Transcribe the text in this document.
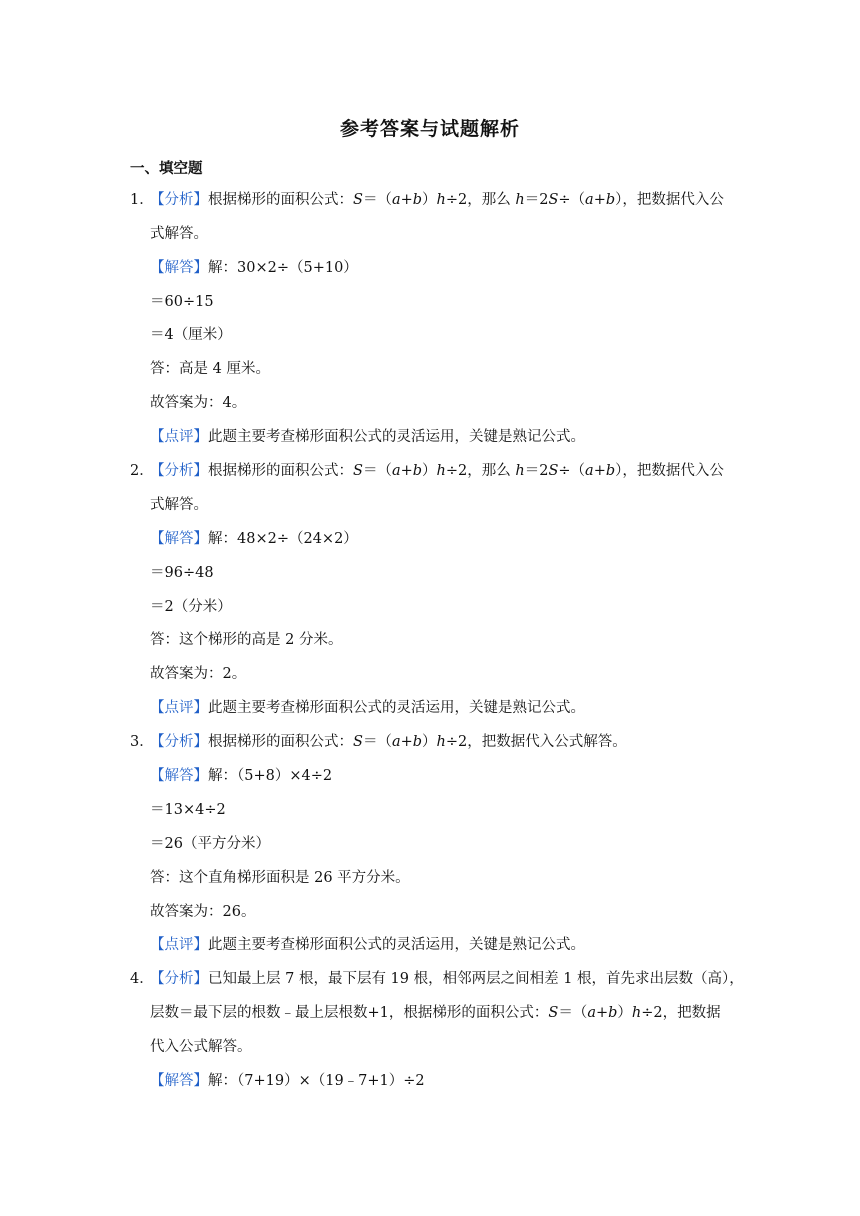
参考答案与试题解析
一、填空题
1．
【分析】根据梯形的面积公式：S＝（a+b）h÷2，那么 h＝2S÷（a+b），把数据代入公
式解答。
【解答】解：30×2÷（5+10）
＝60÷15
＝4（厘米）
答：高是 4 厘米。
故答案为：4。
【点评】此题主要考查梯形面积公式的灵活运用，关键是熟记公式。
2．
【分析】根据梯形的面积公式：S＝（a+b）h÷2，那么 h＝2S÷（a+b），把数据代入公
式解答。
【解答】解：48×2÷（24×2）
＝96÷48
＝2（分米）
答：这个梯形的高是 2 分米。
故答案为：2。
【点评】此题主要考查梯形面积公式的灵活运用，关键是熟记公式。
3．
【分析】根据梯形的面积公式：S＝（a+b）h÷2，把数据代入公式解答。
【解答】解：（5+8）×4÷2
＝13×4÷2
＝26（平方分米）
答：这个直角梯形面积是 26 平方分米。
故答案为：26。
【点评】此题主要考查梯形面积公式的灵活运用，关键是熟记公式。
4．
【分析】已知最上层 7 根，最下层有 19 根，相邻两层之间相差 1 根，首先求出层数（高），
层数＝最下层的根数﹣最上层根数+1，根据梯形的面积公式：S＝（a+b）h÷2，把数据
代入公式解答。
【解答】解：（7+19）×（19﹣7+1）÷2
